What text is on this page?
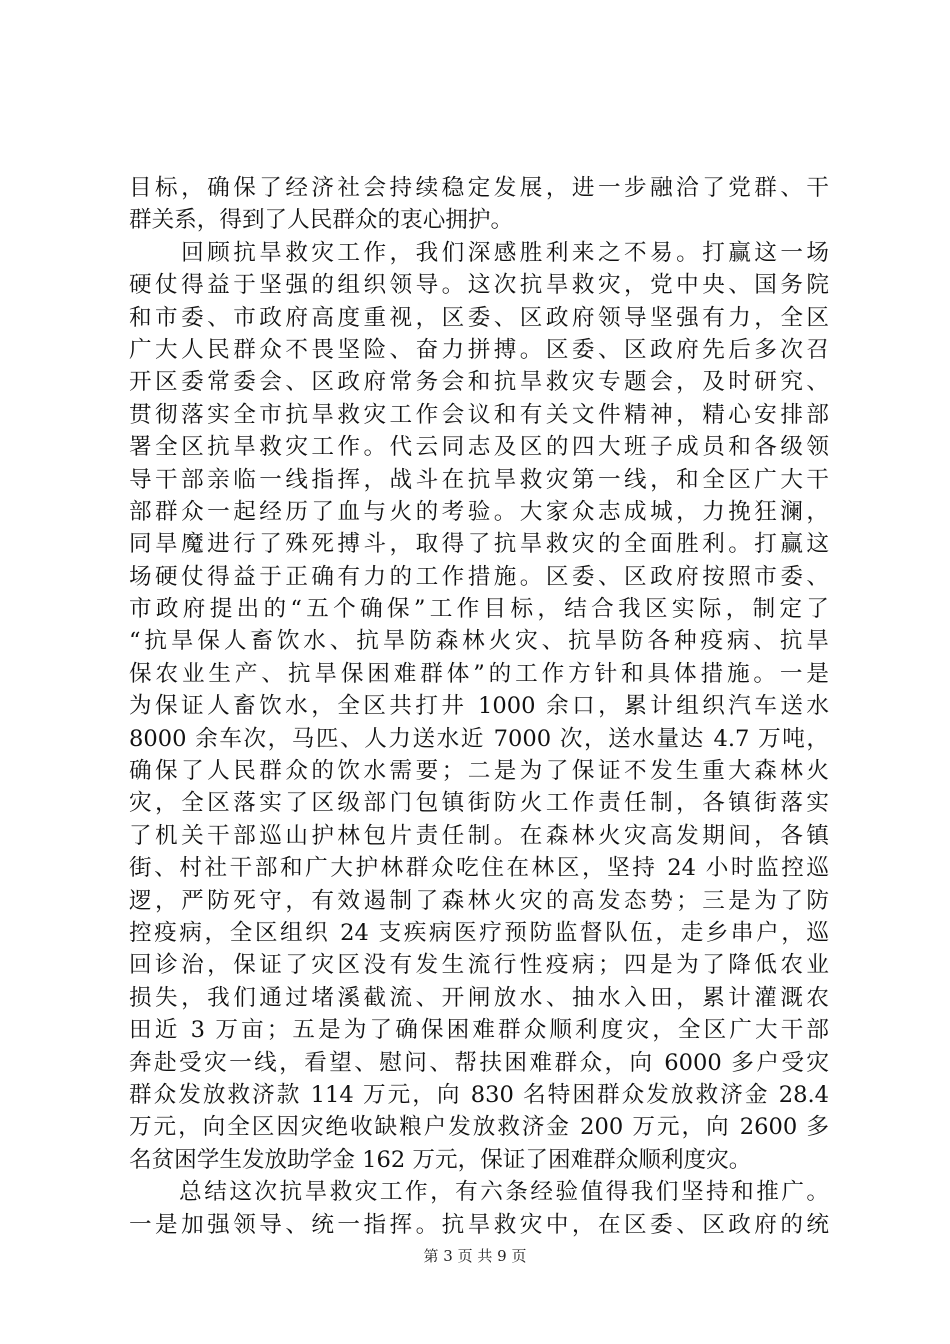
目标，确保了经济社会持续稳定发展，进一步融洽了党群、干
群关系，得到了人民群众的衷心拥护。
　　回顾抗旱救灾工作，我们深感胜利来之不易。打赢这一场
硬仗得益于坚强的组织领导。这次抗旱救灾，党中央、国务院
和市委、市政府高度重视，区委、区政府领导坚强有力，全区
广大人民群众不畏坚险、奋力拼搏。区委、区政府先后多次召
开区委常委会、区政府常务会和抗旱救灾专题会，及时研究、
贯彻落实全市抗旱救灾工作会议和有关文件精神，精心安排部
署全区抗旱救灾工作。代云同志及区的四大班子成员和各级领
导干部亲临一线指挥，战斗在抗旱救灾第一线，和全区广大干
部群众一起经历了血与火的考验。大家众志成城，力挽狂澜，
同旱魔进行了殊死搏斗，取得了抗旱救灾的全面胜利。打赢这
场硬仗得益于正确有力的工作措施。区委、区政府按照市委、
市政府提出的“五个确保”工作目标，结合我区实际，制定了
“抗旱保人畜饮水、抗旱防森林火灾、抗旱防各种疫病、抗旱
保农业生产、抗旱保困难群体”的工作方针和具体措施。一是
为保证人畜饮水，全区共打井 1000 余口，累计组织汽车送水
8000 余车次，马匹、人力送水近 7000 次，送水量达 4.7 万吨，
确保了人民群众的饮水需要；二是为了保证不发生重大森林火
灾，全区落实了区级部门包镇街防火工作责任制，各镇街落实
了机关干部巡山护林包片责任制。在森林火灾高发期间，各镇
街、村社干部和广大护林群众吃住在林区，坚持 24 小时监控巡
逻，严防死守，有效遏制了森林火灾的高发态势；三是为了防
控疫病，全区组织 24 支疾病医疗预防监督队伍，走乡串户，巡
回诊治，保证了灾区没有发生流行性疫病；四是为了降低农业
损失，我们通过堵溪截流、开闸放水、抽水入田，累计灌溉农
田近 3 万亩；五是为了确保困难群众顺利度灾，全区广大干部
奔赴受灾一线，看望、慰问、帮扶困难群众，向 6000 多户受灾
群众发放救济款 114 万元，向 830 名特困群众发放救济金 28.4
万元，向全区因灾绝收缺粮户发放救济金 200 万元，向 2600 多
名贫困学生发放助学金 162 万元，保证了困难群众顺利度灾。
　　总结这次抗旱救灾工作，有六条经验值得我们坚持和推广。
一是加强领导、统一指挥。抗旱救灾中，在区委、区政府的统
第 3 页 共 9 页
